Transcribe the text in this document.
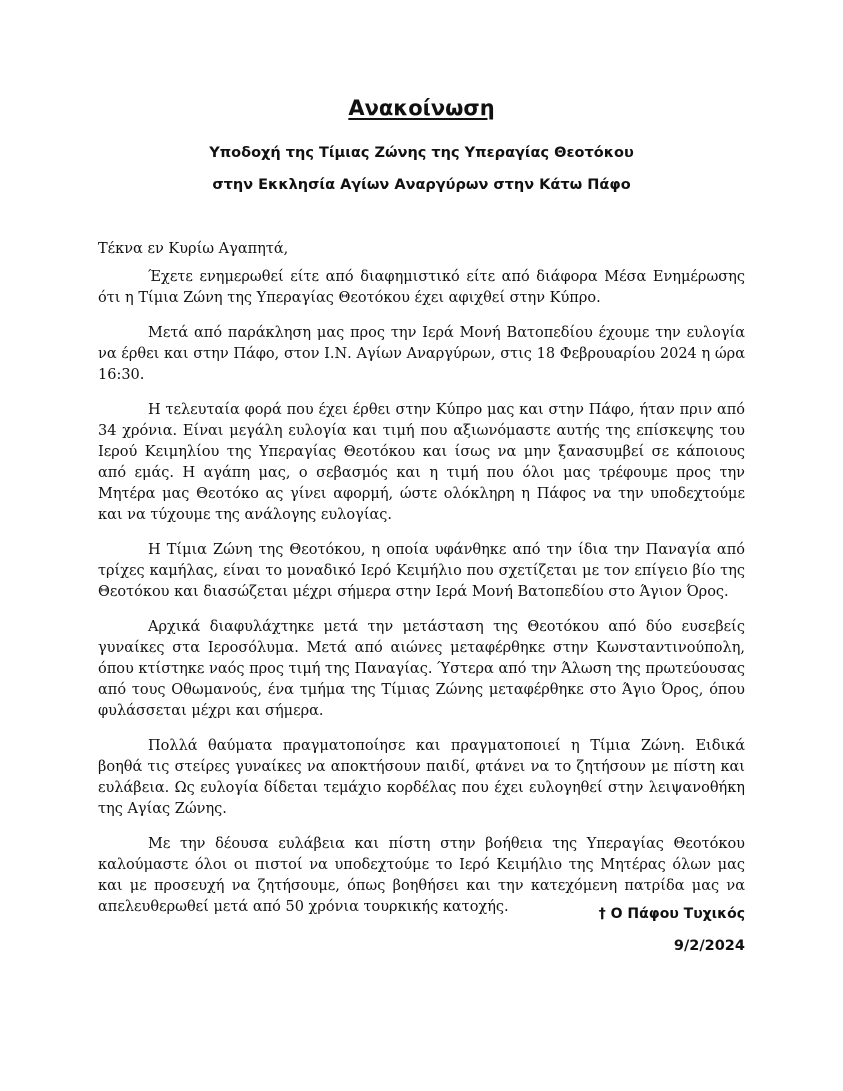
Ανακοίνωση

Υποδοχή της Τίμιας Ζώνης της Υπεραγίας Θεοτόκου

στην Εκκλησία Αγίων Αναργύρων στην Κάτω Πάφο

Τέκνα εν Κυρίω Αγαπητά,

Έχετε ενημερωθεί είτε από διαφημιστικό είτε από διάφορα Μέσα Ενημέρωσης ότι η Τίμια Ζώνη της Υπεραγίας Θεοτόκου έχει αφιχθεί στην Κύπρο.

Μετά από παράκληση μας προς την Ιερά Μονή Βατοπεδίου έχουμε την ευλογία να έρθει και στην Πάφο, στον Ι.Ν. Αγίων Αναργύρων, στις 18 Φεβρουαρίου 2024 η ώρα 16:30.

Η τελευταία φορά που έχει έρθει στην Κύπρο μας και στην Πάφο, ήταν πριν από 34 χρόνια. Είναι μεγάλη ευλογία και τιμή που αξιωνόμαστε αυτής της επίσκεψης του Ιερού Κειμηλίου της Υπεραγίας Θεοτόκου και ίσως να μην ξανασυμβεί σε κάποιους από εμάς. Η αγάπη μας, ο σεβασμός και η τιμή που όλοι μας τρέφουμε προς την Μητέρα μας Θεοτόκο ας γίνει αφορμή, ώστε ολόκληρη η Πάφος να την υποδεχτούμε και να τύχουμε της ανάλογης ευλογίας.

Η Τίμια Ζώνη της Θεοτόκου, η οποία υφάνθηκε από την ίδια την Παναγία από τρίχες καμήλας, είναι το μοναδικό Ιερό Κειμήλιο που σχετίζεται με τον επίγειο βίο της Θεοτόκου και διασώζεται μέχρι σήμερα στην Ιερά Μονή Βατοπεδίου στο Άγιον Όρος.

Αρχικά διαφυλάχτηκε μετά την μετάσταση της Θεοτόκου από δύο ευσεβείς γυναίκες στα Ιεροσόλυμα. Μετά από αιώνες μεταφέρθηκε στην Κωνσταντινούπολη, όπου κτίστηκε ναός προς τιμή της Παναγίας. Ύστερα από την Άλωση της πρωτεύουσας από τους Οθωμανούς, ένα τμήμα της Τίμιας Ζώνης μεταφέρθηκε στο Άγιο Όρος, όπου φυλάσσεται μέχρι και σήμερα.

Πολλά θαύματα πραγματοποίησε και πραγματοποιεί η Τίμια Ζώνη. Ειδικά βοηθά τις στείρες γυναίκες να αποκτήσουν παιδί, φτάνει να το ζητήσουν με πίστη και ευλάβεια. Ως ευλογία δίδεται τεμάχιο κορδέλας που έχει ευλογηθεί στην λειψανοθήκη της Αγίας Ζώνης.

Με την δέουσα ευλάβεια και πίστη στην βοήθεια της Υπεραγίας Θεοτόκου καλούμαστε όλοι οι πιστοί να υποδεχτούμε το Ιερό Κειμήλιο της Μητέρας όλων μας και με προσευχή να ζητήσουμε, όπως βοηθήσει και την κατεχόμενη πατρίδα μας να απελευθερωθεί μετά από 50 χρόνια τουρκικής κατοχής.	† Ο Πάφου Τυχικός

9/2/2024
